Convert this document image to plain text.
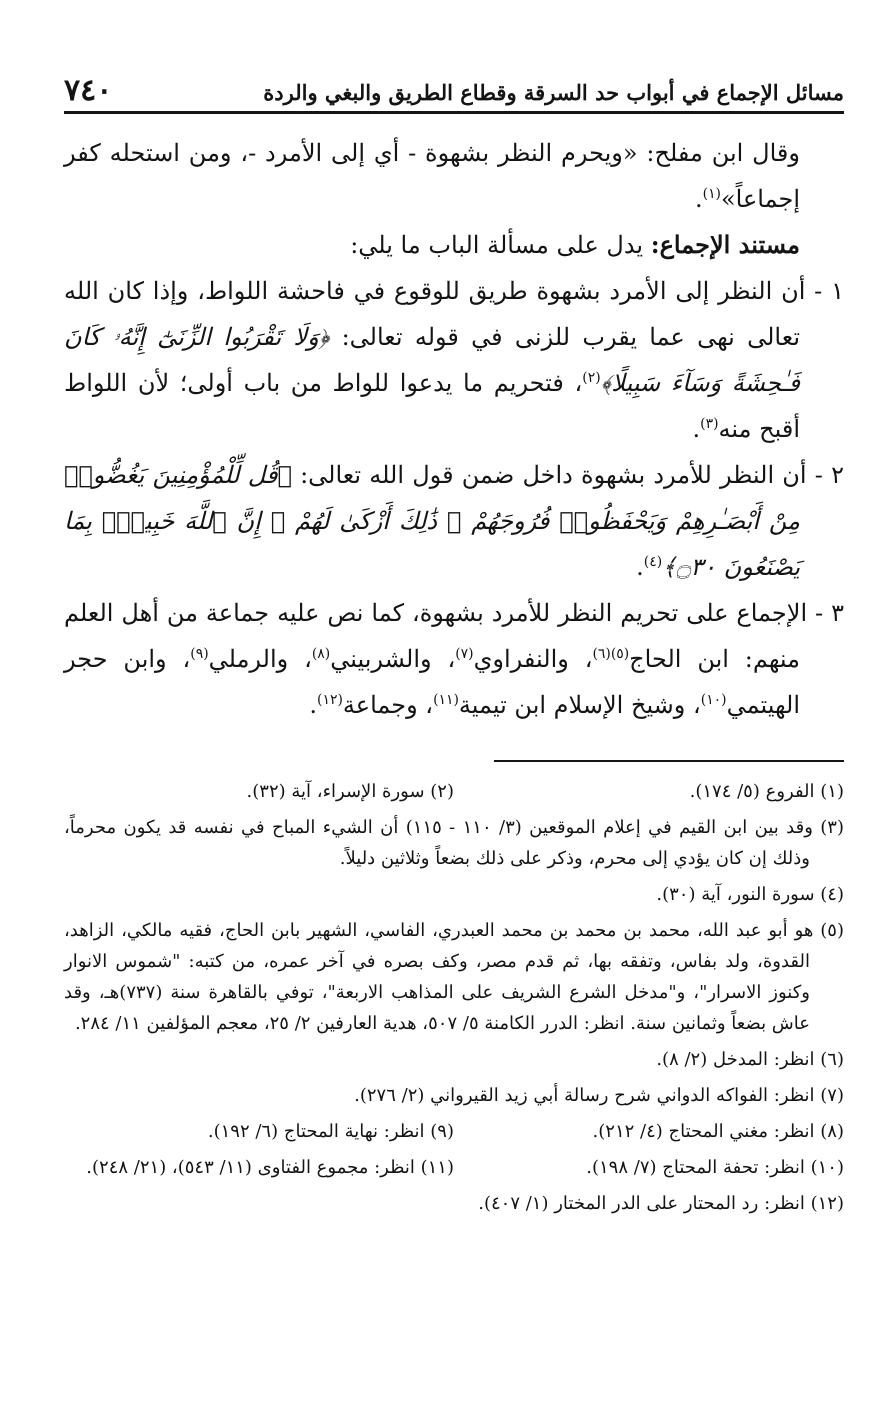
مسائل الإجماع في أبواب حد السرقة وقطاع الطريق والبغي والردة
٧٤٠

وقال ابن مفلح: «ويحرم النظر بشهوة - أي إلى الأمرد -، ومن استحله كفر إجماعاً»$^{(١)}$.

مستند الإجماع: يدل على مسألة الباب ما يلي:

١ - أن النظر إلى الأمرد بشهوة طريق للوقوع في فاحشة اللواط، وإذا كان الله تعالى نهى عما يقرب للزنى في قوله تعالى: ﴿وَلَا تَقْرَبُوا الزِّنَىٰٓ إِنَّهُۥ كَانَ فَـٰحِشَةً وَسَآءَ سَبِيلًا﴾$^{(٢)}$، فتحريم ما يدعوا للواط من باب أولى؛ لأن اللواط أقبح منه$^{(٣)}$.

٢ - أن النظر للأمرد بشهوة داخل ضمن قول الله تعالى: ﴿قُل لِّلْمُؤْمِنِينَ يَغُضُّوا۟ مِنْ أَبْصَـٰرِهِمْ وَيَحْفَظُوا۟ فُرُوجَهُمْ ۚ ذَٰلِكَ أَزْكَىٰ لَهُمْ ۗ إِنَّ ٱللَّهَ خَبِيرٌۢ بِمَا يَصْنَعُونَ ۝٣٠﴾$^{(٤)}$.

٣ - الإجماع على تحريم النظر للأمرد بشهوة، كما نص عليه جماعة من أهل العلم منهم: ابن الحاج$^{(٥)(٦)}$، والنفراوي$^{(٧)}$، والشربيني$^{(٨)}$، والرملي$^{(٩)}$، وابن حجر الهيتمي$^{(١٠)}$، وشيخ الإسلام ابن تيمية$^{(١١)}$، وجماعة$^{(١٢)}$.

(١) الفروع (٥/ ١٧٤).

(٢) سورة الإسراء، آية (٣٢).

(٣) وقد بين ابن القيم في إعلام الموقعين (٣/ ١١٠ - ١١٥) أن الشيء المباح في نفسه قد يكون محرماً، وذلك إن كان يؤدي إلى محرم، وذكر على ذلك بضعاً وثلاثين دليلاً.

(٤) سورة النور، آية (٣٠).

(٥) هو أبو عبد الله، محمد بن محمد بن محمد العبدري، الفاسي، الشهير بابن الحاج، فقيه مالكي، الزاهد، القدوة، ولد بفاس، وتفقه بها، ثم قدم مصر، وكف بصره في آخر عمره، من كتبه: "شموس الانوار وكنوز الاسرار"، و"مدخل الشرع الشريف على المذاهب الاربعة"، توفي بالقاهرة سنة (٧٣٧)هـ، وقد عاش بضعاً وثمانين سنة. انظر: الدرر الكامنة ٥/ ٥٠٧، هدية العارفين ٢/ ٢٥، معجم المؤلفين ١١/ ٢٨٤.

(٦) انظر: المدخل (٢/ ٨).

(٧) انظر: الفواكه الدواني شرح رسالة أبي زيد القيرواني (٢/ ٢٧٦).

(٨) انظر: مغني المحتاج (٤/ ٢١٢).

(٩) انظر: نهاية المحتاج (٦/ ١٩٢).

(١٠) انظر: تحفة المحتاج (٧/ ١٩٨).

(١١) انظر: مجموع الفتاوى (١١/ ٥٤٣)، (٢١/ ٢٤٨).

(١٢) انظر: رد المحتار على الدر المختار (١/ ٤٠٧).
